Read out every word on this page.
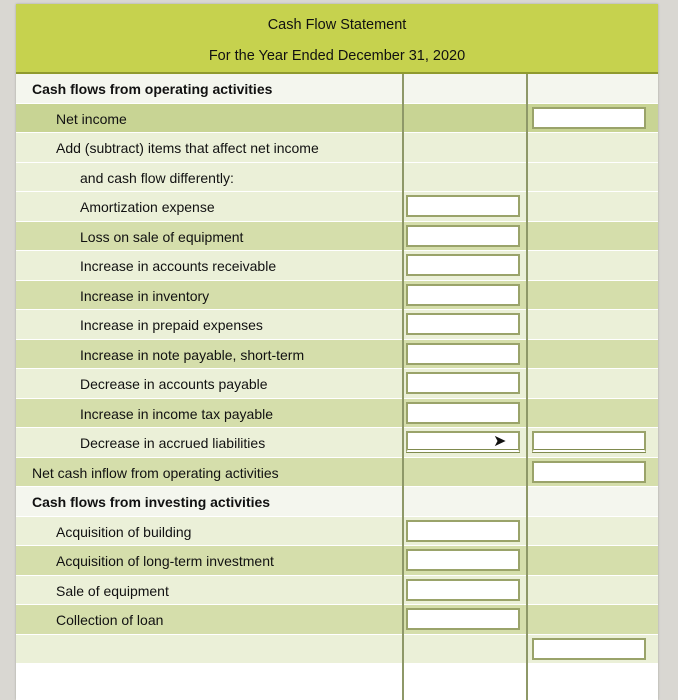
Cash Flow Statement
For the Year Ended December 31, 2020
Cash flows from operating activities
Net income
Add (subtract) items that affect net income
and cash flow differently:
Amortization expense
Loss on sale of equipment
Increase in accounts receivable
Increase in inventory
Increase in prepaid expenses
Increase in note payable, short-term
Decrease in accounts payable
Increase in income tax payable
Decrease in accrued liabilities
Net cash inflow from operating activities
Cash flows from investing activities
Acquisition of building
Acquisition of long-term investment
Sale of equipment
Collection of loan
➤
